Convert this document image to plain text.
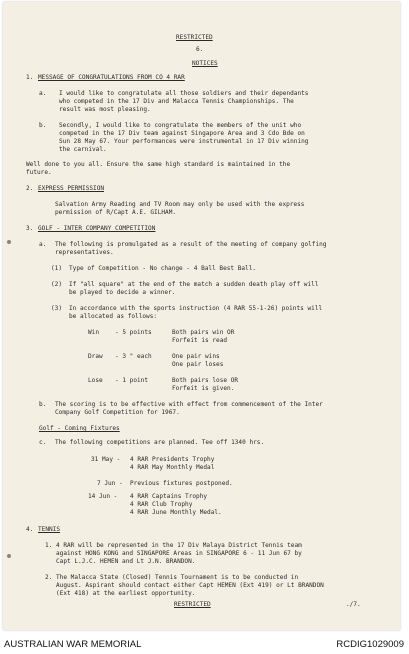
RESTRICTED
6.
NOTICES
1. MESSAGE OF CONGRATULATIONS FROM CO 4 RAR
a. I would like to congratulate all those soldiers and their dependants
who competed in the 17 Div and Malacca Tennis Championships. The
result was most pleasing.
b. Secondly, I would like to congratulate the members of the unit who
competed in the 17 Div team against Singapore Area and 3 Cdo Bde on
Sun 28 May 67. Your performances were instrumental in 17 Div winning
the carnival.
Well done to you all. Ensure the same high standard is maintained in the
future.
2. EXPRESS PERMISSION
Salvation Army Reading and TV Room may only be used with the express
permission of R/Capt A.E. GILHAM.
3. GOLF - INTER COMPANY COMPETITION
a. The following is promulgated as a result of the meeting of company golfing
representatives.
(1) Type of Competition - No change - 4 Ball Best Ball.
(2) If "all square" at the end of the match a sudden death play off will
be played to decide a winner.
(3) In accordance with the sports instruction (4 RAR 55-1-26) points will
be allocated as follows:
Win	- 5 points	Both pairs win OR
Forfeit is read
Draw - 3 " each	One pair wins
One pair loses
Lose - 1 point	Both pairs lose OR
Forfeit is given.
b. The scoring is to be effective with effect from commencement of the Inter
Company Golf Competition for 1967.
Golf - Coming Fixtures
c. The following competitions are planned. Tee off 1340 hrs.
31 May - 4 RAR Presidents Trophy
4 RAR May Monthly Medal
7 Jun - Previous fixtures postponed.
14 Jun - 4 RAR Captains Trophy
4 RAR Club Trophy
4 RAR June Monthly Medal.
4. TENNIS
1. 4 RAR will be represented in the 17 Div Malaya District Tennis team
against HONG KONG and SINGAPORE Areas in SINGAPORE 6 - 11 Jun 67 by
Capt L.J.C. HEMEN and Lt J.N. BRANDON.
2. The Malacca State (Closed) Tennis Tournament is to be conducted in
August. Aspirant should contact either Capt HEMEN (Ext 419) or Lt BRANDON
(Ext 418) at the earliest opportunity.
RESTRICTED	./7.
AUSTRALIAN WAR MEMORIAL	RCDIG1029009
